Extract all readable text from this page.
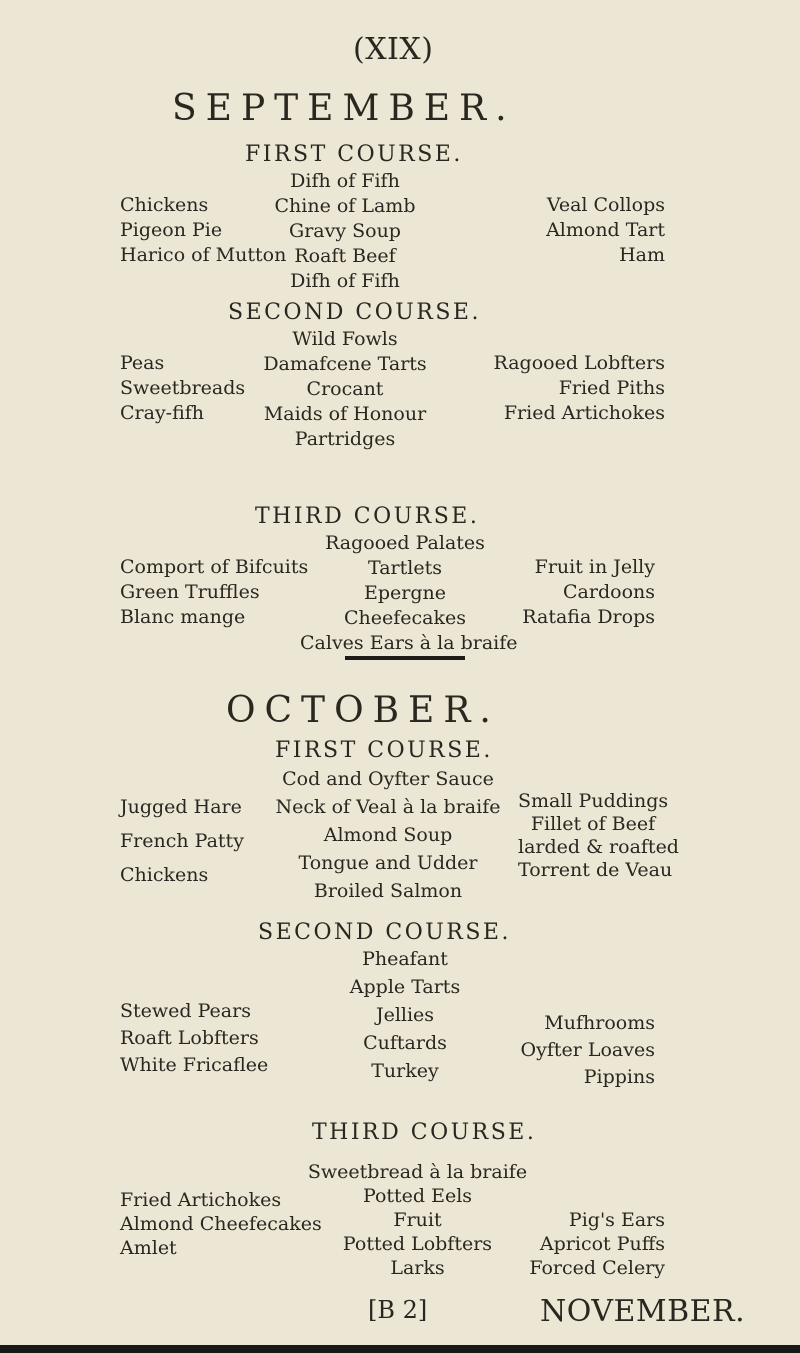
(XIX)
SEPTEMBER.
FIRST COURSE.
Chickens
Pigeon Pie
Harico of Mutton
Difh of Fifh
Chine of Lamb
Gravy Soup
Roaft Beef
Difh of Fifh
Veal Collops
Almond Tart
Ham
SECOND COURSE.
Peas
Sweetbreads
Cray-fifh
Wild Fowls
Damafcene Tarts
Crocant
Maids of Honour
Partridges
Ragooed Lobfters
Fried Piths
Fried Artichokes
THIRD COURSE.
Comport of Bifcuits
Green Truffles
Blanc mange
Ragooed Palates
Tartlets
Epergne
Cheefecakes
Calves Ears à la braife
Fruit in Jelly
Cardoons
Ratafia Drops
OCTOBER.
FIRST COURSE.
Jugged Hare
French Patty
Chickens
Cod and Oyfter Sauce
Neck of Veal à la braife
Almond Soup
Tongue and Udder
Broiled Salmon
Small Puddings
Fillet of Beef
larded & roafted
Torrent de Veau
SECOND COURSE.
Stewed Pears
Roaft Lobfters
White Fricaflee
Pheafant
Apple Tarts
Jellies
Cuftards
Turkey
Mufhrooms
Oyfter Loaves
Pippins
THIRD COURSE.
Fried Artichokes
Almond Cheefecakes
Amlet
Sweetbread à la braife
Potted Eels
Fruit
Potted Lobfters
Larks
Pig's Ears
Apricot Puffs
Forced Celery
[B 2]	NOVEMBER.
